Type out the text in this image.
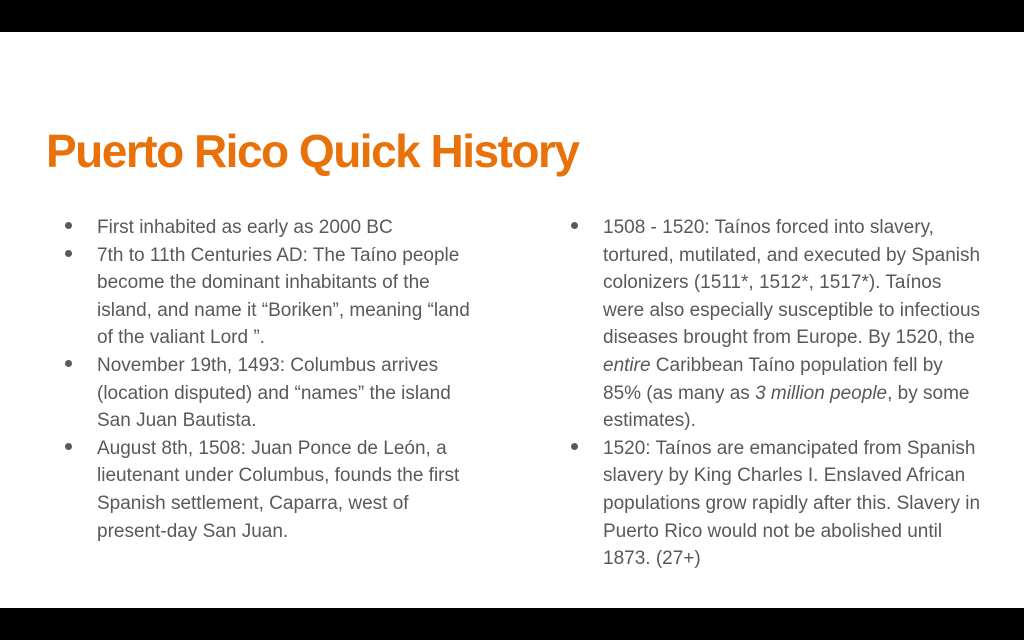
Puerto Rico Quick History
First inhabited as early as 2000 BC
7th to 11th Centuries AD: The Taíno people become the dominant inhabitants of the island, and name it “Boriken”, meaning “land of the valiant Lord ”.
November 19th, 1493: Columbus arrives (location disputed) and “names” the island San Juan Bautista.
August 8th, 1508: Juan Ponce de León, a lieutenant under Columbus, founds the first Spanish settlement, Caparra, west of present-day San Juan.
1508 - 1520: Taínos forced into slavery, tortured, mutilated, and executed by Spanish colonizers (1511*, 1512*, 1517*). Taínos were also especially susceptible to infectious diseases brought from Europe. By 1520, the entire Caribbean Taíno population fell by 85% (as many as 3 million people, by some estimates).
1520: Taínos are emancipated from Spanish slavery by King Charles I. Enslaved African populations grow rapidly after this. Slavery in Puerto Rico would not be abolished until 1873. (27+)
